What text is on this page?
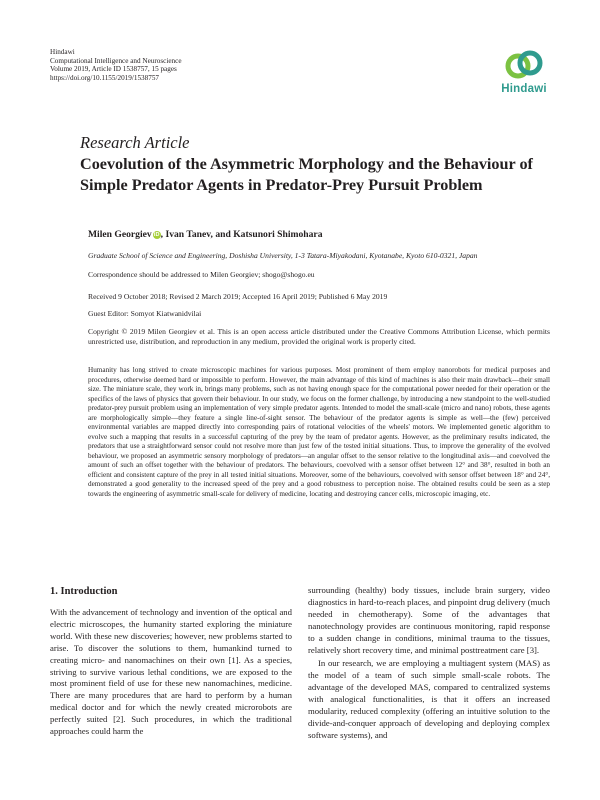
Hindawi
Computational Intelligence and Neuroscience
Volume 2019, Article ID 1538757, 15 pages
https://doi.org/10.1155/2019/1538757
Hindawi
Research Article
Coevolution of the Asymmetric Morphology and the Behaviour of Simple Predator Agents in Predator-Prey Pursuit Problem
Milen Georgiev iD, Ivan Tanev, and Katsunori Shimohara
Graduate School of Science and Engineering, Doshisha University, 1-3 Tatara-Miyakodani, Kyotanabe, Kyoto 610-0321, Japan
Correspondence should be addressed to Milen Georgiev; shogo@shogo.eu
Received 9 October 2018; Revised 2 March 2019; Accepted 16 April 2019; Published 6 May 2019
Guest Editor: Somyot Kiatwanidvilai
Copyright © 2019 Milen Georgiev et al. This is an open access article distributed under the Creative Commons Attribution License, which permits unrestricted use, distribution, and reproduction in any medium, provided the original work is properly cited.
Humanity has long strived to create microscopic machines for various purposes. Most prominent of them employ nanorobots for medical purposes and procedures, otherwise deemed hard or impossible to perform. However, the main advantage of this kind of machines is also their main drawback—their small size. The miniature scale, they work in, brings many problems, such as not having enough space for the computational power needed for their operation or the specifics of the laws of physics that govern their behaviour. In our study, we focus on the former challenge, by introducing a new standpoint to the well-studied predator-prey pursuit problem using an implementation of very simple predator agents. Intended to model the small-scale (micro and nano) robots, these agents are morphologically simple—they feature a single line-of-sight sensor. The behaviour of the predator agents is simple as well—the (few) perceived environmental variables are mapped directly into corresponding pairs of rotational velocities of the wheels' motors. We implemented genetic algorithm to evolve such a mapping that results in a successful capturing of the prey by the team of predator agents. However, as the preliminary results indicated, the predators that use a straightforward sensor could not resolve more than just few of the tested initial situations. Thus, to improve the generality of the evolved behaviour, we proposed an asymmetric sensory morphology of predators—an angular offset to the sensor relative to the longitudinal axis—and coevolved the amount of such an offset together with the behaviour of predators. The behaviours, coevolved with a sensor offset between 12° and 38°, resulted in both an efficient and consistent capture of the prey in all tested initial situations. Moreover, some of the behaviours, coevolved with sensor offset between 18° and 24°, demonstrated a good generality to the increased speed of the prey and a good robustness to perception noise. The obtained results could be seen as a step towards the engineering of asymmetric small-scale for delivery of medicine, locating and destroying cancer cells, microscopic imaging, etc.
1. Introduction

With the advancement of technology and invention of the optical and electric microscopes, the humanity started exploring the miniature world. With these new discoveries; however, new problems started to arise. To discover the solutions to them, humankind turned to creating micro- and nanomachines on their own [1]. As a species, striving to survive various lethal conditions, we are exposed to the most prominent field of use for these new nanomachines, medicine. There are many procedures that are hard to perform by a human medical doctor and for which the newly created microrobots are perfectly suited [2]. Such procedures, in which the traditional approaches could harm the

surrounding (healthy) body tissues, include brain surgery, video diagnostics in hard-to-reach places, and pinpoint drug delivery (much needed in chemotherapy). Some of the advantages that nanotechnology provides are continuous monitoring, rapid response to a sudden change in conditions, minimal trauma to the tissues, relatively short recovery time, and minimal posttreatment care [3].

In our research, we are employing a multiagent system (MAS) as the model of a team of such simple small-scale robots. The advantage of the developed MAS, compared to centralized systems with analogical functionalities, is that it offers an increased modularity, reduced complexity (offering an intuitive solution to the divide-and-conquer approach of developing and deploying complex software systems), and
